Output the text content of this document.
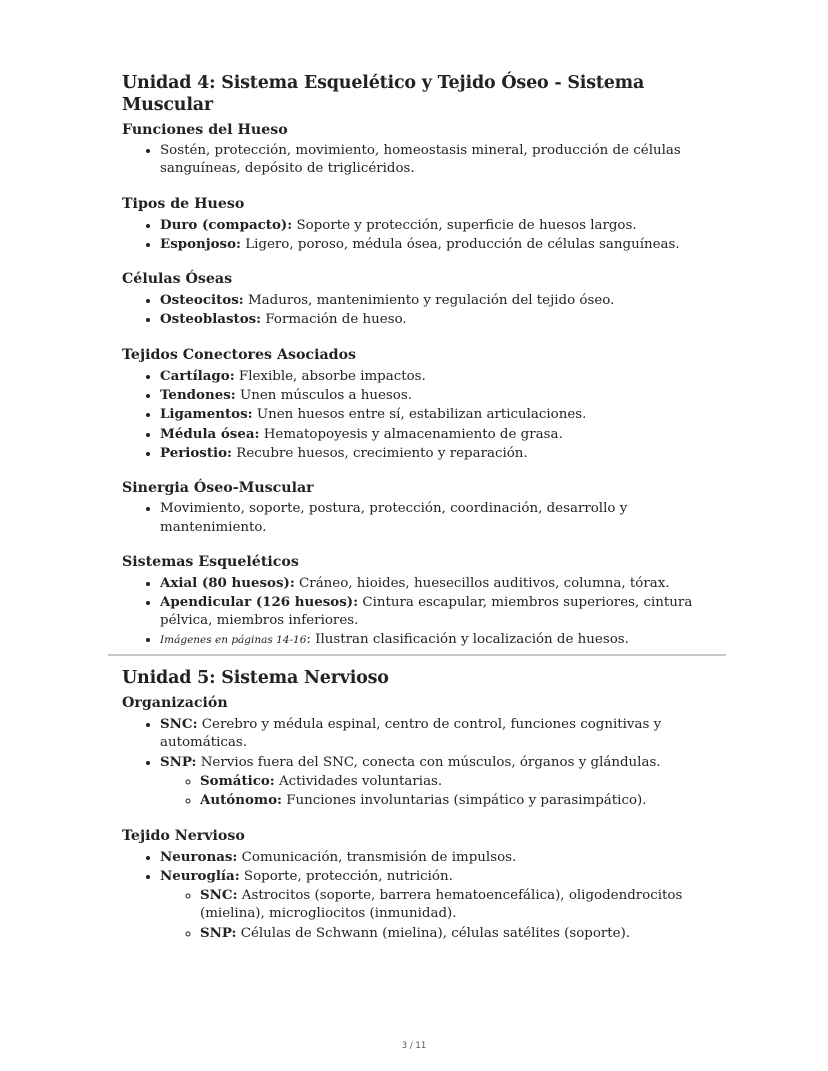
Unidad 4: Sistema Esquelético y Tejido Óseo - Sistema Muscular
Funciones del Hueso
• Sostén, protección, movimiento, homeostasis mineral, producción de células sanguíneas, depósito de triglicéridos.
Tipos de Hueso
• Duro (compacto): Soporte y protección, superficie de huesos largos.
• Esponjoso: Ligero, poroso, médula ósea, producción de células sanguíneas.
Células Óseas
• Osteocitos: Maduros, mantenimiento y regulación del tejido óseo.
• Osteoblastos: Formación de hueso.
Tejidos Conectores Asociados
• Cartílago: Flexible, absorbe impactos.
• Tendones: Unen músculos a huesos.
• Ligamentos: Unen huesos entre sí, estabilizan articulaciones.
• Médula ósea: Hematopoyesis y almacenamiento de grasa.
• Periostio: Recubre huesos, crecimiento y reparación.
Sinergia Óseo-Muscular
• Movimiento, soporte, postura, protección, coordinación, desarrollo y mantenimiento.
Sistemas Esqueléticos
• Axial (80 huesos): Cráneo, hioides, huesecillos auditivos, columna, tórax.
• Apendicular (126 huesos): Cintura escapular, miembros superiores, cintura pélvica, miembros inferiores.
• Imágenes en páginas 14-16: Ilustran clasificación y localización de huesos.
Unidad 5: Sistema Nervioso
Organización
• SNC: Cerebro y médula espinal, centro de control, funciones cognitivas y automáticas.
• SNP: Nervios fuera del SNC, conecta con músculos, órganos y glándulas.
◦ Somático: Actividades voluntarias.
◦ Autónomo: Funciones involuntarias (simpático y parasimpático).
Tejido Nervioso
• Neuronas: Comunicación, transmisión de impulsos.
• Neuroglía: Soporte, protección, nutrición.
◦ SNC: Astrocitos (soporte, barrera hematoencefálica), oligodendrocitos (mielina), microgliocitos (inmunidad).
◦ SNP: Células de Schwann (mielina), células satélites (soporte).
3 / 11
